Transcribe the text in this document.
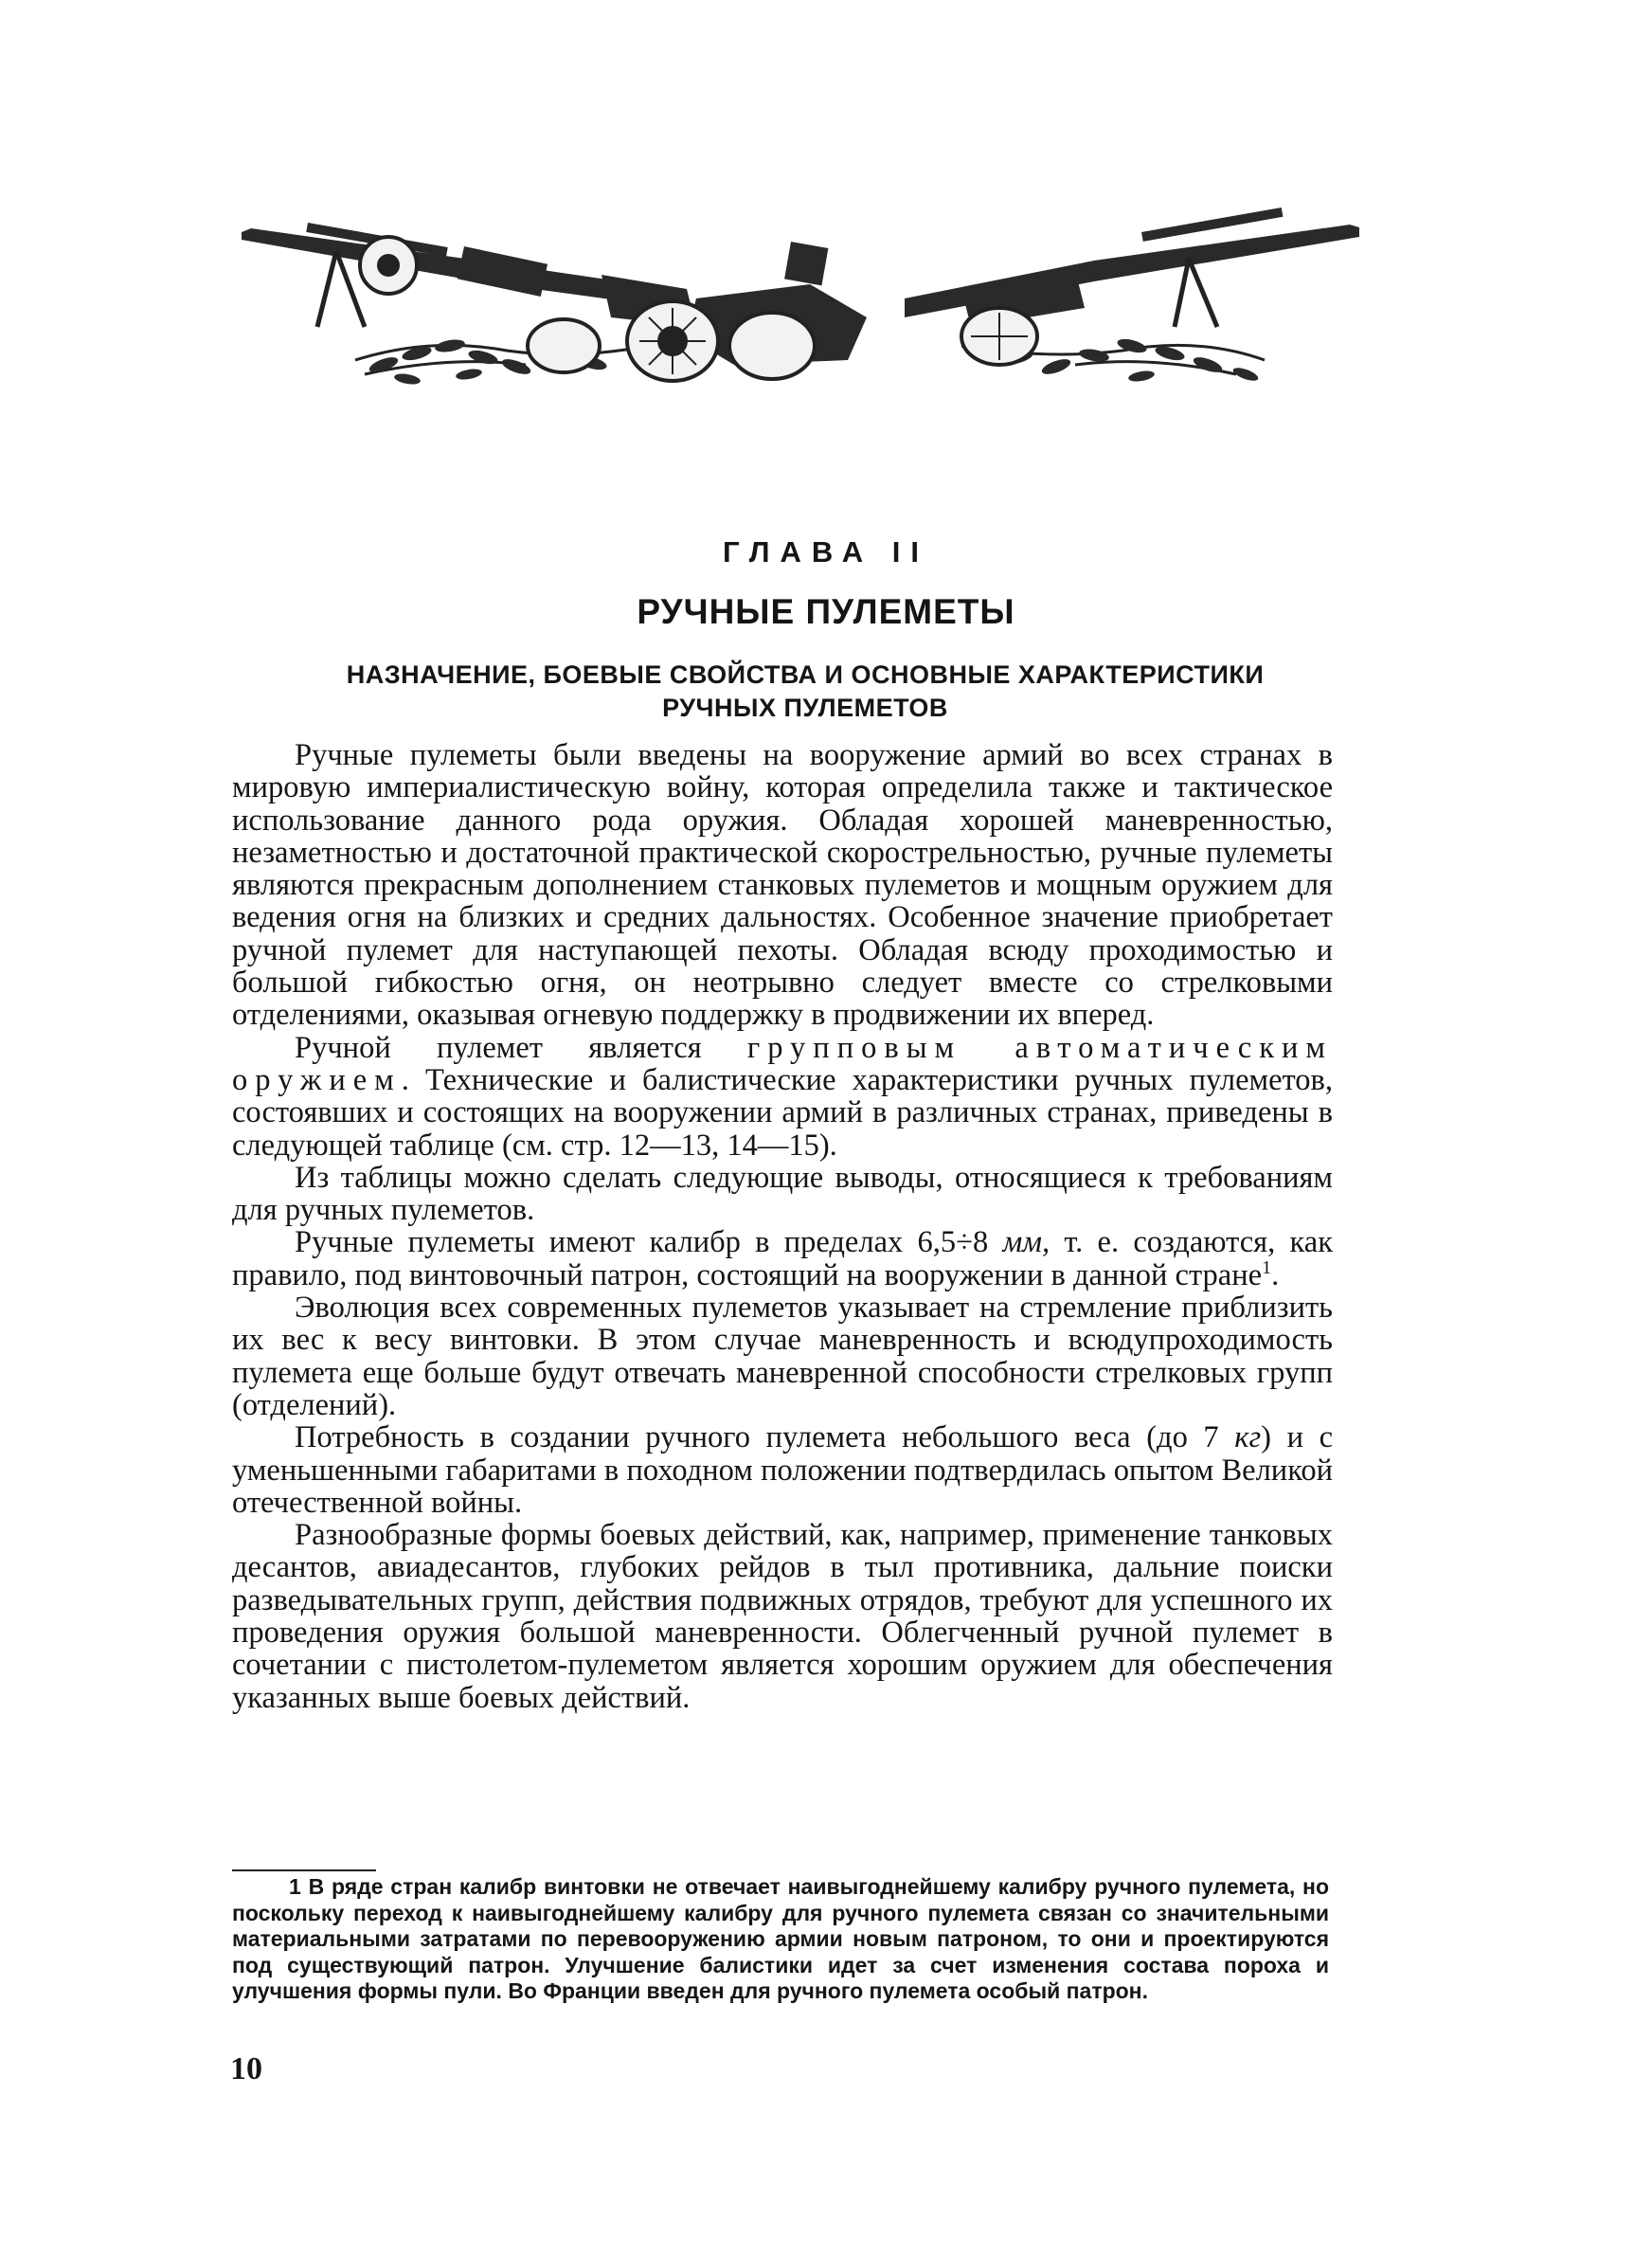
ГЛАВА II
РУЧНЫЕ ПУЛЕМЕТЫ
НАЗНАЧЕНИЕ, БОЕВЫЕ СВОЙСТВА И ОСНОВНЫЕ ХАРАКТЕРИСТИКИ
РУЧНЫХ ПУЛЕМЕТОВ

Ручные пулеметы были введены на вооружение армий во всех странах в мировую империалистическую войну, которая определила также и тактическое использование данного рода оружия. Обладая хорошей маневренностью, незаметностью и достаточной практической скорострельностью, ручные пулеметы являются прекрасным дополнением станковых пулеметов и мощным оружием для ведения огня на близких и средних дальностях. Особенное значение приобретает ручной пулемет для наступающей пехоты. Обладая всюду проходимостью и большой гибкостью огня, он неотрывно следует вместе со стрелковыми отделениями, оказывая огневую поддержку в продвижении их вперед.

Ручной пулемет является групповым автоматическим оружием. Технические и балистические характеристики ручных пулеметов, состоявших и состоящих на вооружении армий в различных странах, приведены в следующей таблице (см. стр. 12—13, 14—15).

Из таблицы можно сделать следующие выводы, относящиеся к требованиям для ручных пулеметов.

Ручные пулеметы имеют калибр в пределах 6,5÷8 мм, т. е. создаются, как правило, под винтовочный патрон, состоящий на вооружении в данной стране$^1$.

Эволюция всех современных пулеметов указывает на стремление приблизить их вес к весу винтовки. В этом случае маневренность и всюдупроходимость пулемета еще больше будут отвечать маневренной способности стрелковых групп (отделений).

Потребность в создании ручного пулемета небольшого веса (до 7 кг) и с уменьшенными габаритами в походном положении подтвердилась опытом Великой отечественной войны.

Разнообразные формы боевых действий, как, например, применение танковых десантов, авиадесантов, глубоких рейдов в тыл противника, дальние поиски разведывательных групп, действия подвижных отрядов, требуют для успешного их проведения оружия большой маневренности. Облегченный ручной пулемет в сочетании с пистолетом-пулеметом является хорошим оружием для обеспечения указанных выше боевых действий.

1 В ряде стран калибр винтовки не отвечает наивыгоднейшему калибру ручного пулемета, но поскольку переход к наивыгоднейшему калибру для ручного пулемета связан со значительными материальными затратами по перевооружению армии новым патроном, то они и проектируются под существующий патрон. Улучшение балистики идет за счет изменения состава пороха и улучшения формы пули. Во Франции введен для ручного пулемета особый патрон.

10
